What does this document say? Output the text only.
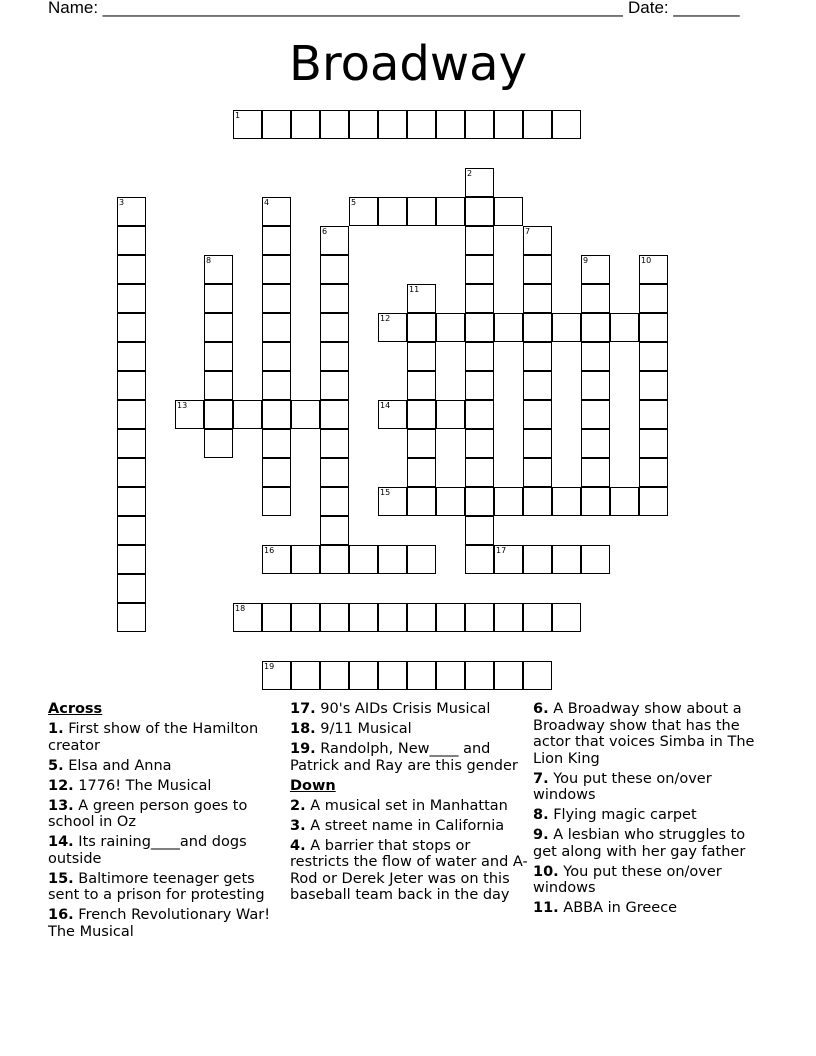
Name: _______________________________________________________ Date: _______
Broadway
1
2
3	4	5
6	7
8	9	10
11
12
13	14
15
16	17
18
19
Across
1. First show of the Hamilton creator
5. Elsa and Anna
12. 1776! The Musical
13. A green person goes to school in Oz
14. Its raining____and dogs outside
15. Baltimore teenager gets sent to a prison for protesting
16. French Revolutionary War! The Musical
17. 90's AIDs Crisis Musical
18. 9/11 Musical
19. Randolph, New____ and Patrick and Ray are this gender
Down
2. A musical set in Manhattan
3. A street name in California
4. A barrier that stops or restricts the flow of water and A-Rod or Derek Jeter was on this baseball team back in the day
6. A Broadway show about a Broadway show that has the actor that voices Simba in The Lion King
7. You put these on/over windows
8. Flying magic carpet
9. A lesbian who struggles to get along with her gay father
10. You put these on/over windows
11. ABBA in Greece
